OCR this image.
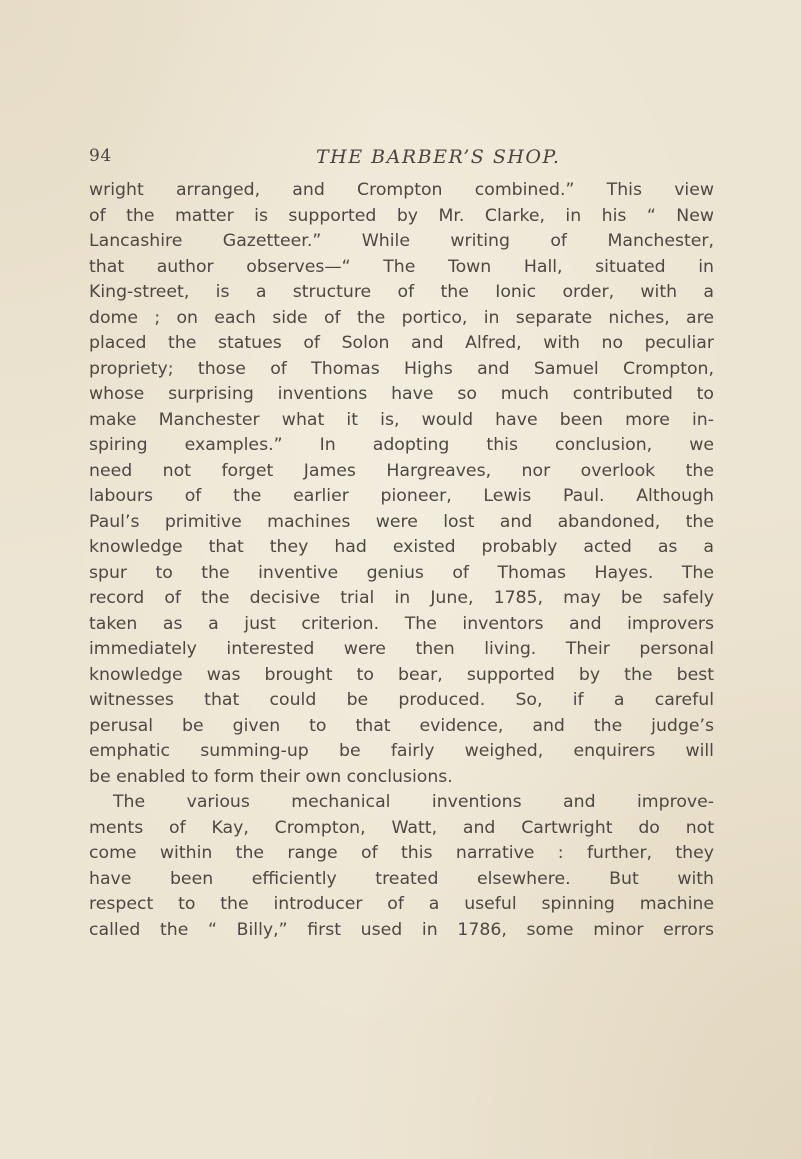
94	THE BARBER’S SHOP.
wright arranged, and Crompton combined.” This view
of the matter is supported by Mr. Clarke, in his “ New
Lancashire Gazetteer.” While writing of Manchester,
that author observes—“ The Town Hall, situated in
King-street, is a structure of the Ionic order, with a
dome ; on each side of the portico, in separate niches, are
placed the statues of Solon and Alfred, with no peculiar
propriety; those of Thomas Highs and Samuel Crompton,
whose surprising inventions have so much contributed to
make Manchester what it is, would have been more in-
spiring examples.” In adopting this conclusion, we
need not forget James Hargreaves, nor overlook the
labours of the earlier pioneer, Lewis Paul. Although
Paul’s primitive machines were lost and abandoned, the
knowledge that they had existed probably acted as a
spur to the inventive genius of Thomas Hayes. The
record of the decisive trial in June, 1785, may be safely
taken as a just criterion. The inventors and improvers
immediately interested were then living. Their personal
knowledge was brought to bear, supported by the best
witnesses that could be produced. So, if a careful
perusal be given to that evidence, and the judge’s
emphatic summing-up be fairly weighed, enquirers will
be enabled to form their own conclusions.
The various mechanical inventions and improve-
ments of Kay, Crompton, Watt, and Cartwright do not
come within the range of this narrative : further, they
have been efficiently treated elsewhere. But with
respect to the introducer of a useful spinning machine
called the “ Billy,” first used in 1786, some minor errors
